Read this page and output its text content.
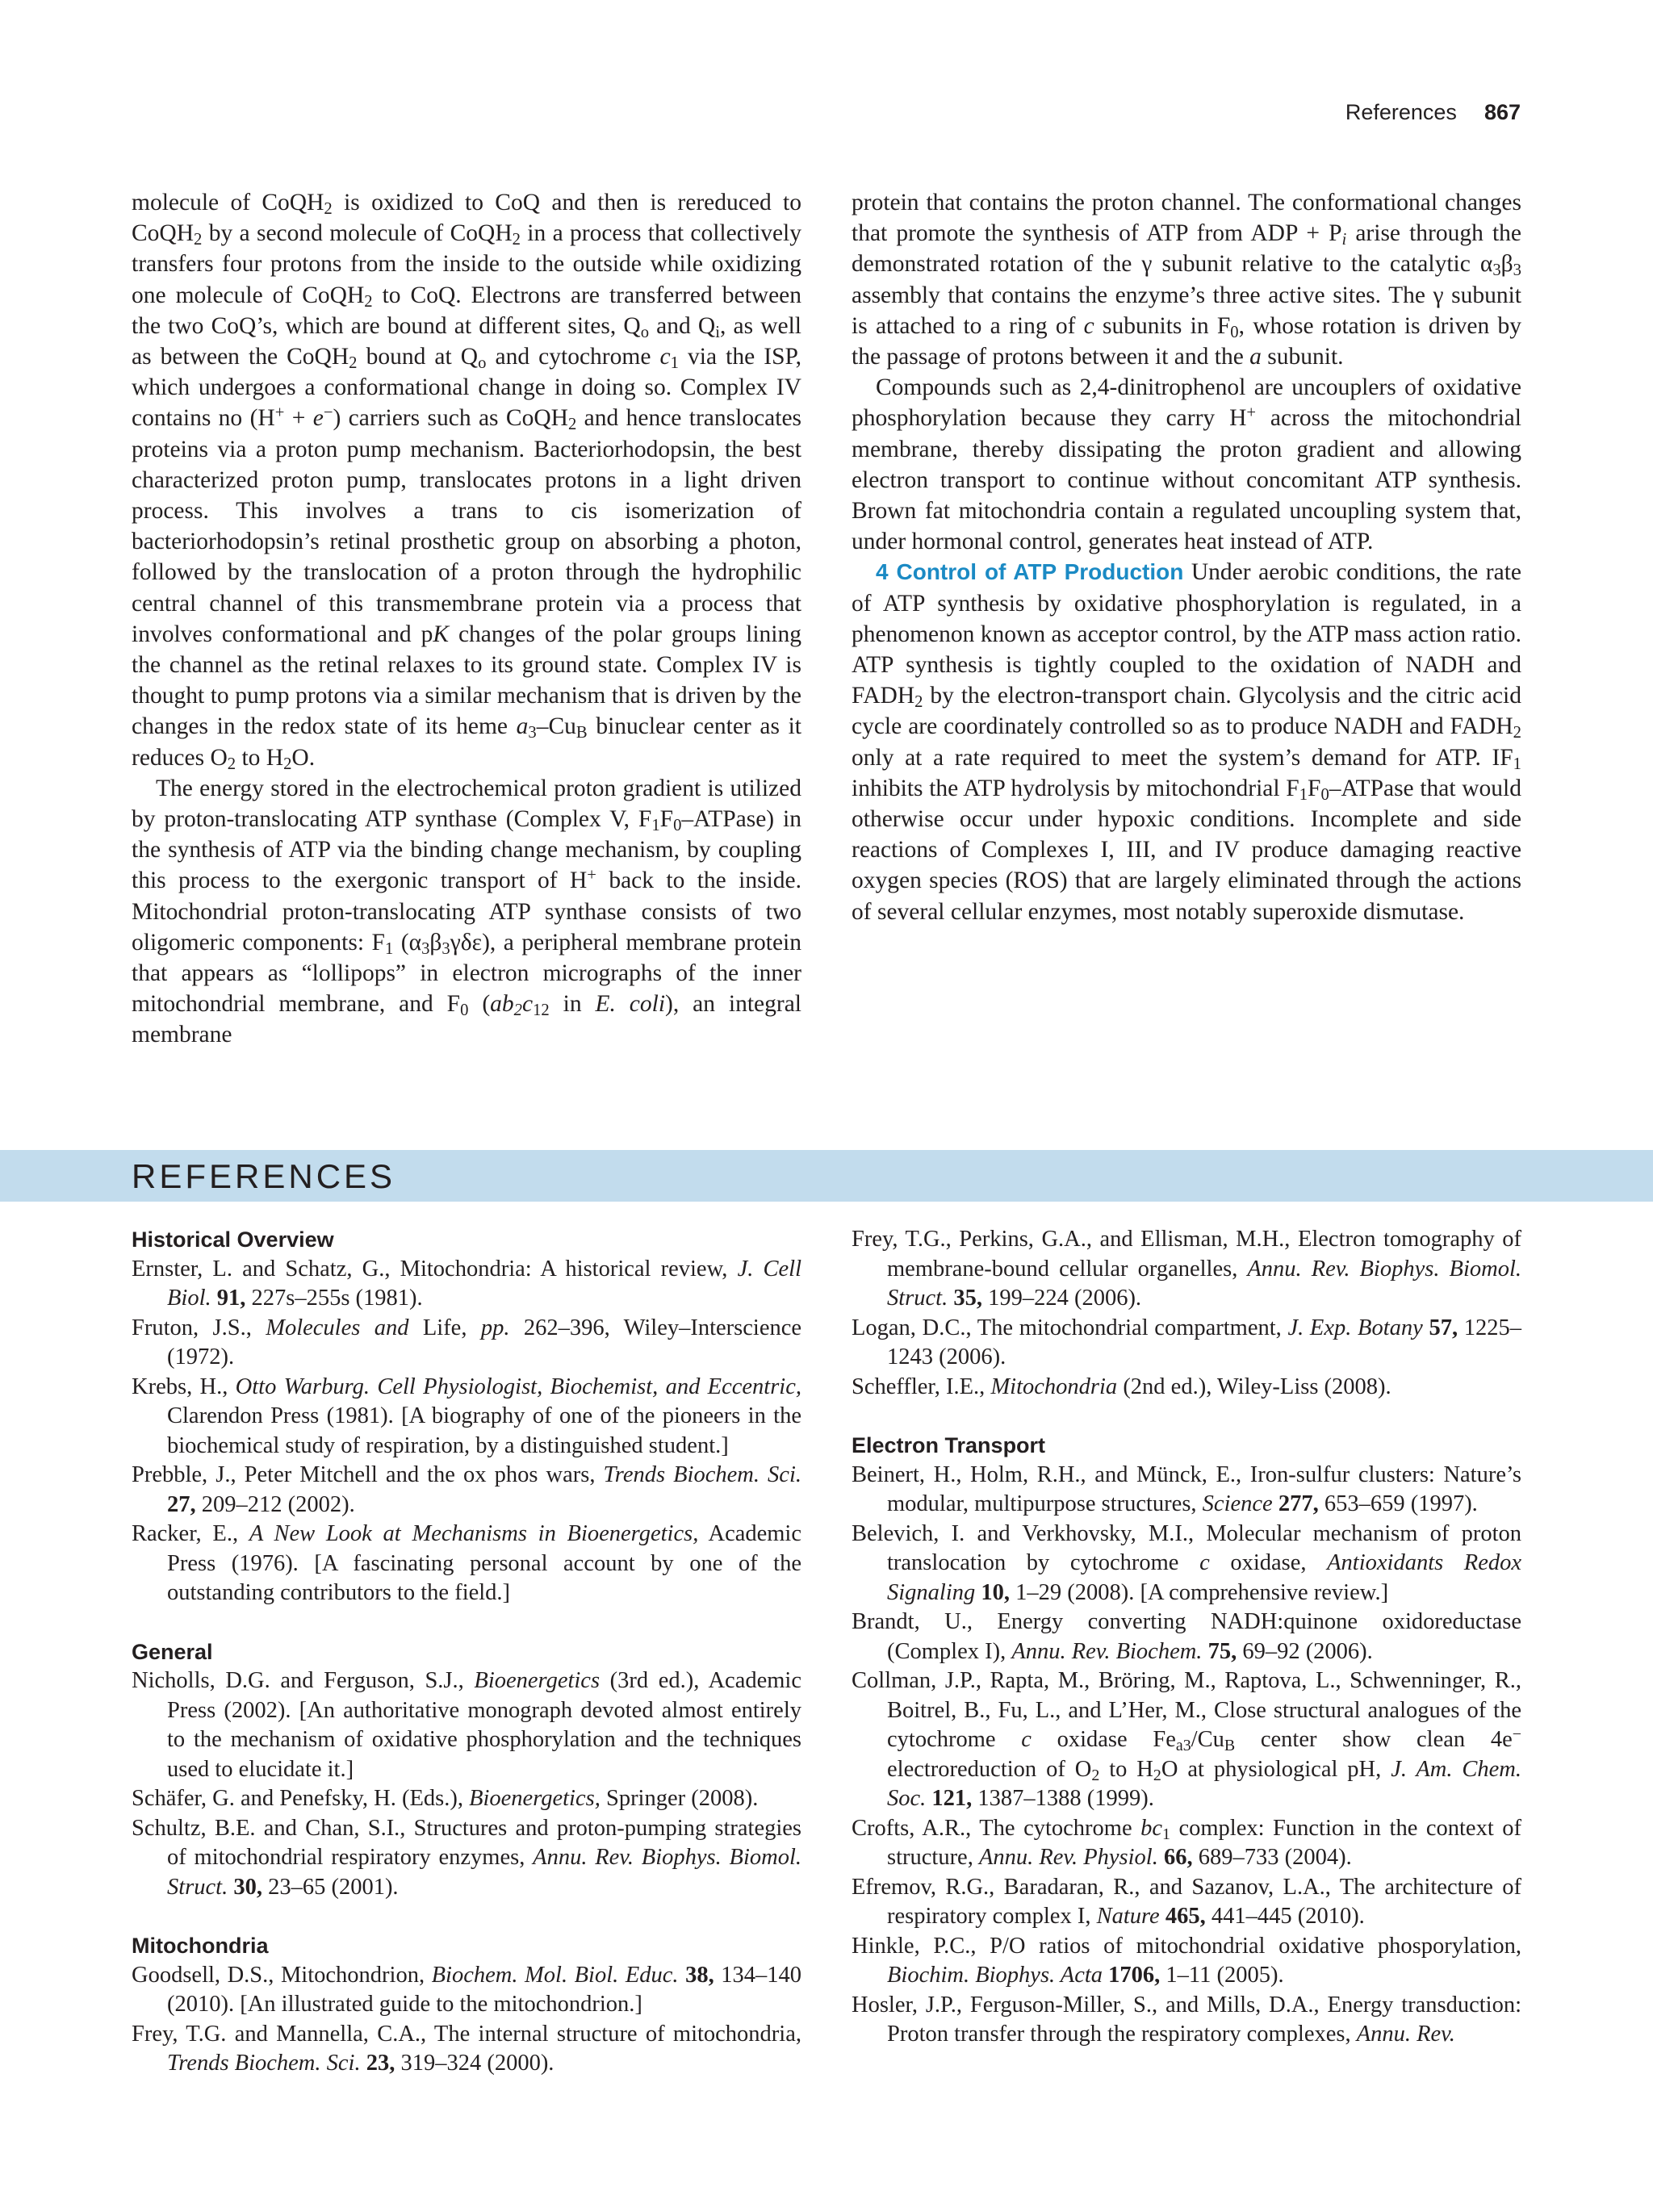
References 867

molecule of CoQH$_2$ is oxidized to CoQ and then is rereduced to CoQH$_2$ by a second molecule of CoQH$_2$ in a process that collectively transfers four protons from the inside to the outside while oxidizing one molecule of CoQH$_2$ to CoQ. Electrons are transferred between the two CoQ’s, which are bound at different sites, $Q_o$ and $Q_i$, as well as between the CoQH$_2$ bound at $Q_o$ and cytochrome $c_1$ via the ISP, which undergoes a conformational change in doing so. Complex IV contains no (H+ + e−) carriers such as CoQH$_2$ and hence translocates proteins via a proton pump mechanism. Bacteriorhodopsin, the best characterized proton pump, translocates protons in a light driven process. This involves a trans to cis isomerization of bacteriorhodopsin’s retinal prosthetic group on absorbing a photon, followed by the translocation of a proton through the hydrophilic central channel of this transmembrane protein via a process that involves conformational and pK changes of the polar groups lining the channel as the retinal relaxes to its ground state. Complex IV is thought to pump protons via a similar mechanism that is driven by the changes in the redox state of its heme $a_3-Cu_B$ binuclear center as it reduces $O_2$ to $H_2O$.

The energy stored in the electrochemical proton gradient is utilized by proton-translocating ATP synthase (Complex V, $F_1F_0-ATPase$) in the synthesis of ATP via the binding change mechanism, by coupling this process to the exergonic transport of H+ back to the inside. Mitochondrial proton-translocating ATP synthase consists of two oligomeric components: $F_1$ $(\alpha_3\beta_3\gamma\delta\varepsilon)$, a peripheral membrane protein that appears as “lollipops” in electron micrographs of the inner mitochondrial membrane, and $F_0$ ($ab_2c_{12}$ in E. coli), an integral membrane

protein that contains the proton channel. The conformational changes that promote the synthesis of ATP from ADP + $P_i$ arise through the demonstrated rotation of the γ subunit relative to the catalytic $\alpha_3\beta_3$ assembly that contains the enzyme’s three active sites. The γ subunit is attached to a ring of c subunits in $F_0$, whose rotation is driven by the passage of protons between it and the a subunit.

Compounds such as 2,4-dinitrophenol are uncouplers of oxidative phosphorylation because they carry H+ across the mitochondrial membrane, thereby dissipating the proton gradient and allowing electron transport to continue without concomitant ATP synthesis. Brown fat mitochondria contain a regulated uncoupling system that, under hormonal control, generates heat instead of ATP.

4 Control of ATP Production Under aerobic conditions, the rate of ATP synthesis by oxidative phosphorylation is regulated, in a phenomenon known as acceptor control, by the ATP mass action ratio. ATP synthesis is tightly coupled to the oxidation of NADH and $FADH_2$ by the electron-transport chain. Glycolysis and the citric acid cycle are coordinately controlled so as to produce NADH and $FADH_2$ only at a rate required to meet the system’s demand for ATP. $IF_1$ inhibits the ATP hydrolysis by mitochondrial $F_1F_0$–ATPase that would otherwise occur under hypoxic conditions. Incomplete and side reactions of Complexes I, III, and IV produce damaging reactive oxygen species (ROS) that are largely eliminated through the actions of several cellular enzymes, most notably superoxide dismutase.

REFERENCES
Historical Overview

Ernster, L. and Schatz, G., Mitochondria: A historical review, J. Cell Biol. 91, 227s–255s (1981).

Fruton, J.S., Molecules and Life, pp. 262–396, Wiley–Interscience (1972).

Krebs, H., Otto Warburg. Cell Physiologist, Biochemist, and Eccentric, Clarendon Press (1981). [A biography of one of the pioneers in the biochemical study of respiration, by a distinguished student.]

Prebble, J., Peter Mitchell and the ox phos wars, Trends Biochem. Sci. 27, 209–212 (2002).

Racker, E., A New Look at Mechanisms in Bioenergetics, Academic Press (1976). [A fascinating personal account by one of the outstanding contributors to the field.]

General

Nicholls, D.G. and Ferguson, S.J., Bioenergetics (3rd ed.), Academic Press (2002). [An authoritative monograph devoted almost entirely to the mechanism of oxidative phosphorylation and the techniques used to elucidate it.]

Schäfer, G. and Penefsky, H. (Eds.), Bioenergetics, Springer (2008).

Schultz, B.E. and Chan, S.I., Structures and proton-pumping strategies of mitochondrial respiratory enzymes, Annu. Rev. Biophys. Biomol. Struct. 30, 23–65 (2001).

Mitochondria

Goodsell, D.S., Mitochondrion, Biochem. Mol. Biol. Educ. 38, 134–140 (2010). [An illustrated guide to the mitochondrion.]

Frey, T.G. and Mannella, C.A., The internal structure of mitochondria, Trends Biochem. Sci. 23, 319–324 (2000).

Frey, T.G., Perkins, G.A., and Ellisman, M.H., Electron tomography of membrane-bound cellular organelles, Annu. Rev. Biophys. Biomol. Struct. 35, 199–224 (2006).

Logan, D.C., The mitochondrial compartment, J. Exp. Botany 57, 1225–1243 (2006).

Scheffler, I.E., Mitochondria (2nd ed.), Wiley-Liss (2008).

Electron Transport

Beinert, H., Holm, R.H., and Münck, E., Iron-sulfur clusters: Nature’s modular, multipurpose structures, Science 277, 653–659 (1997).

Belevich, I. and Verkhovsky, M.I., Molecular mechanism of proton translocation by cytochrome c oxidase, Antioxidants Redox Signaling 10, 1–29 (2008). [A comprehensive review.]

Brandt, U., Energy converting NADH:quinone oxidoreductase (Complex I), Annu. Rev. Biochem. 75, 69–92 (2006).

Collman, J.P., Rapta, M., Bröring, M., Raptova, L., Schwenninger, R., Boitrel, B., Fu, L., and L’Her, M., Close structural analogues of the cytochrome c oxidase $Fe_{a3}/Cu_B$ center show clean 4e− electroreduction of $O_2$ to $H_2O$ at physiological pH, J. Am. Chem. Soc. 121, 1387–1388 (1999).

Crofts, A.R., The cytochrome $bc_1$ complex: Function in the context of structure, Annu. Rev. Physiol. 66, 689–733 (2004).

Efremov, R.G., Baradaran, R., and Sazanov, L.A., The architecture of respiratory complex I, Nature 465, 441–445 (2010).

Hinkle, P.C., P/O ratios of mitochondrial oxidative phosporylation, Biochim. Biophys. Acta 1706, 1–11 (2005).

Hosler, J.P., Ferguson-Miller, S., and Mills, D.A., Energy transduction: Proton transfer through the respiratory complexes, Annu. Rev.
